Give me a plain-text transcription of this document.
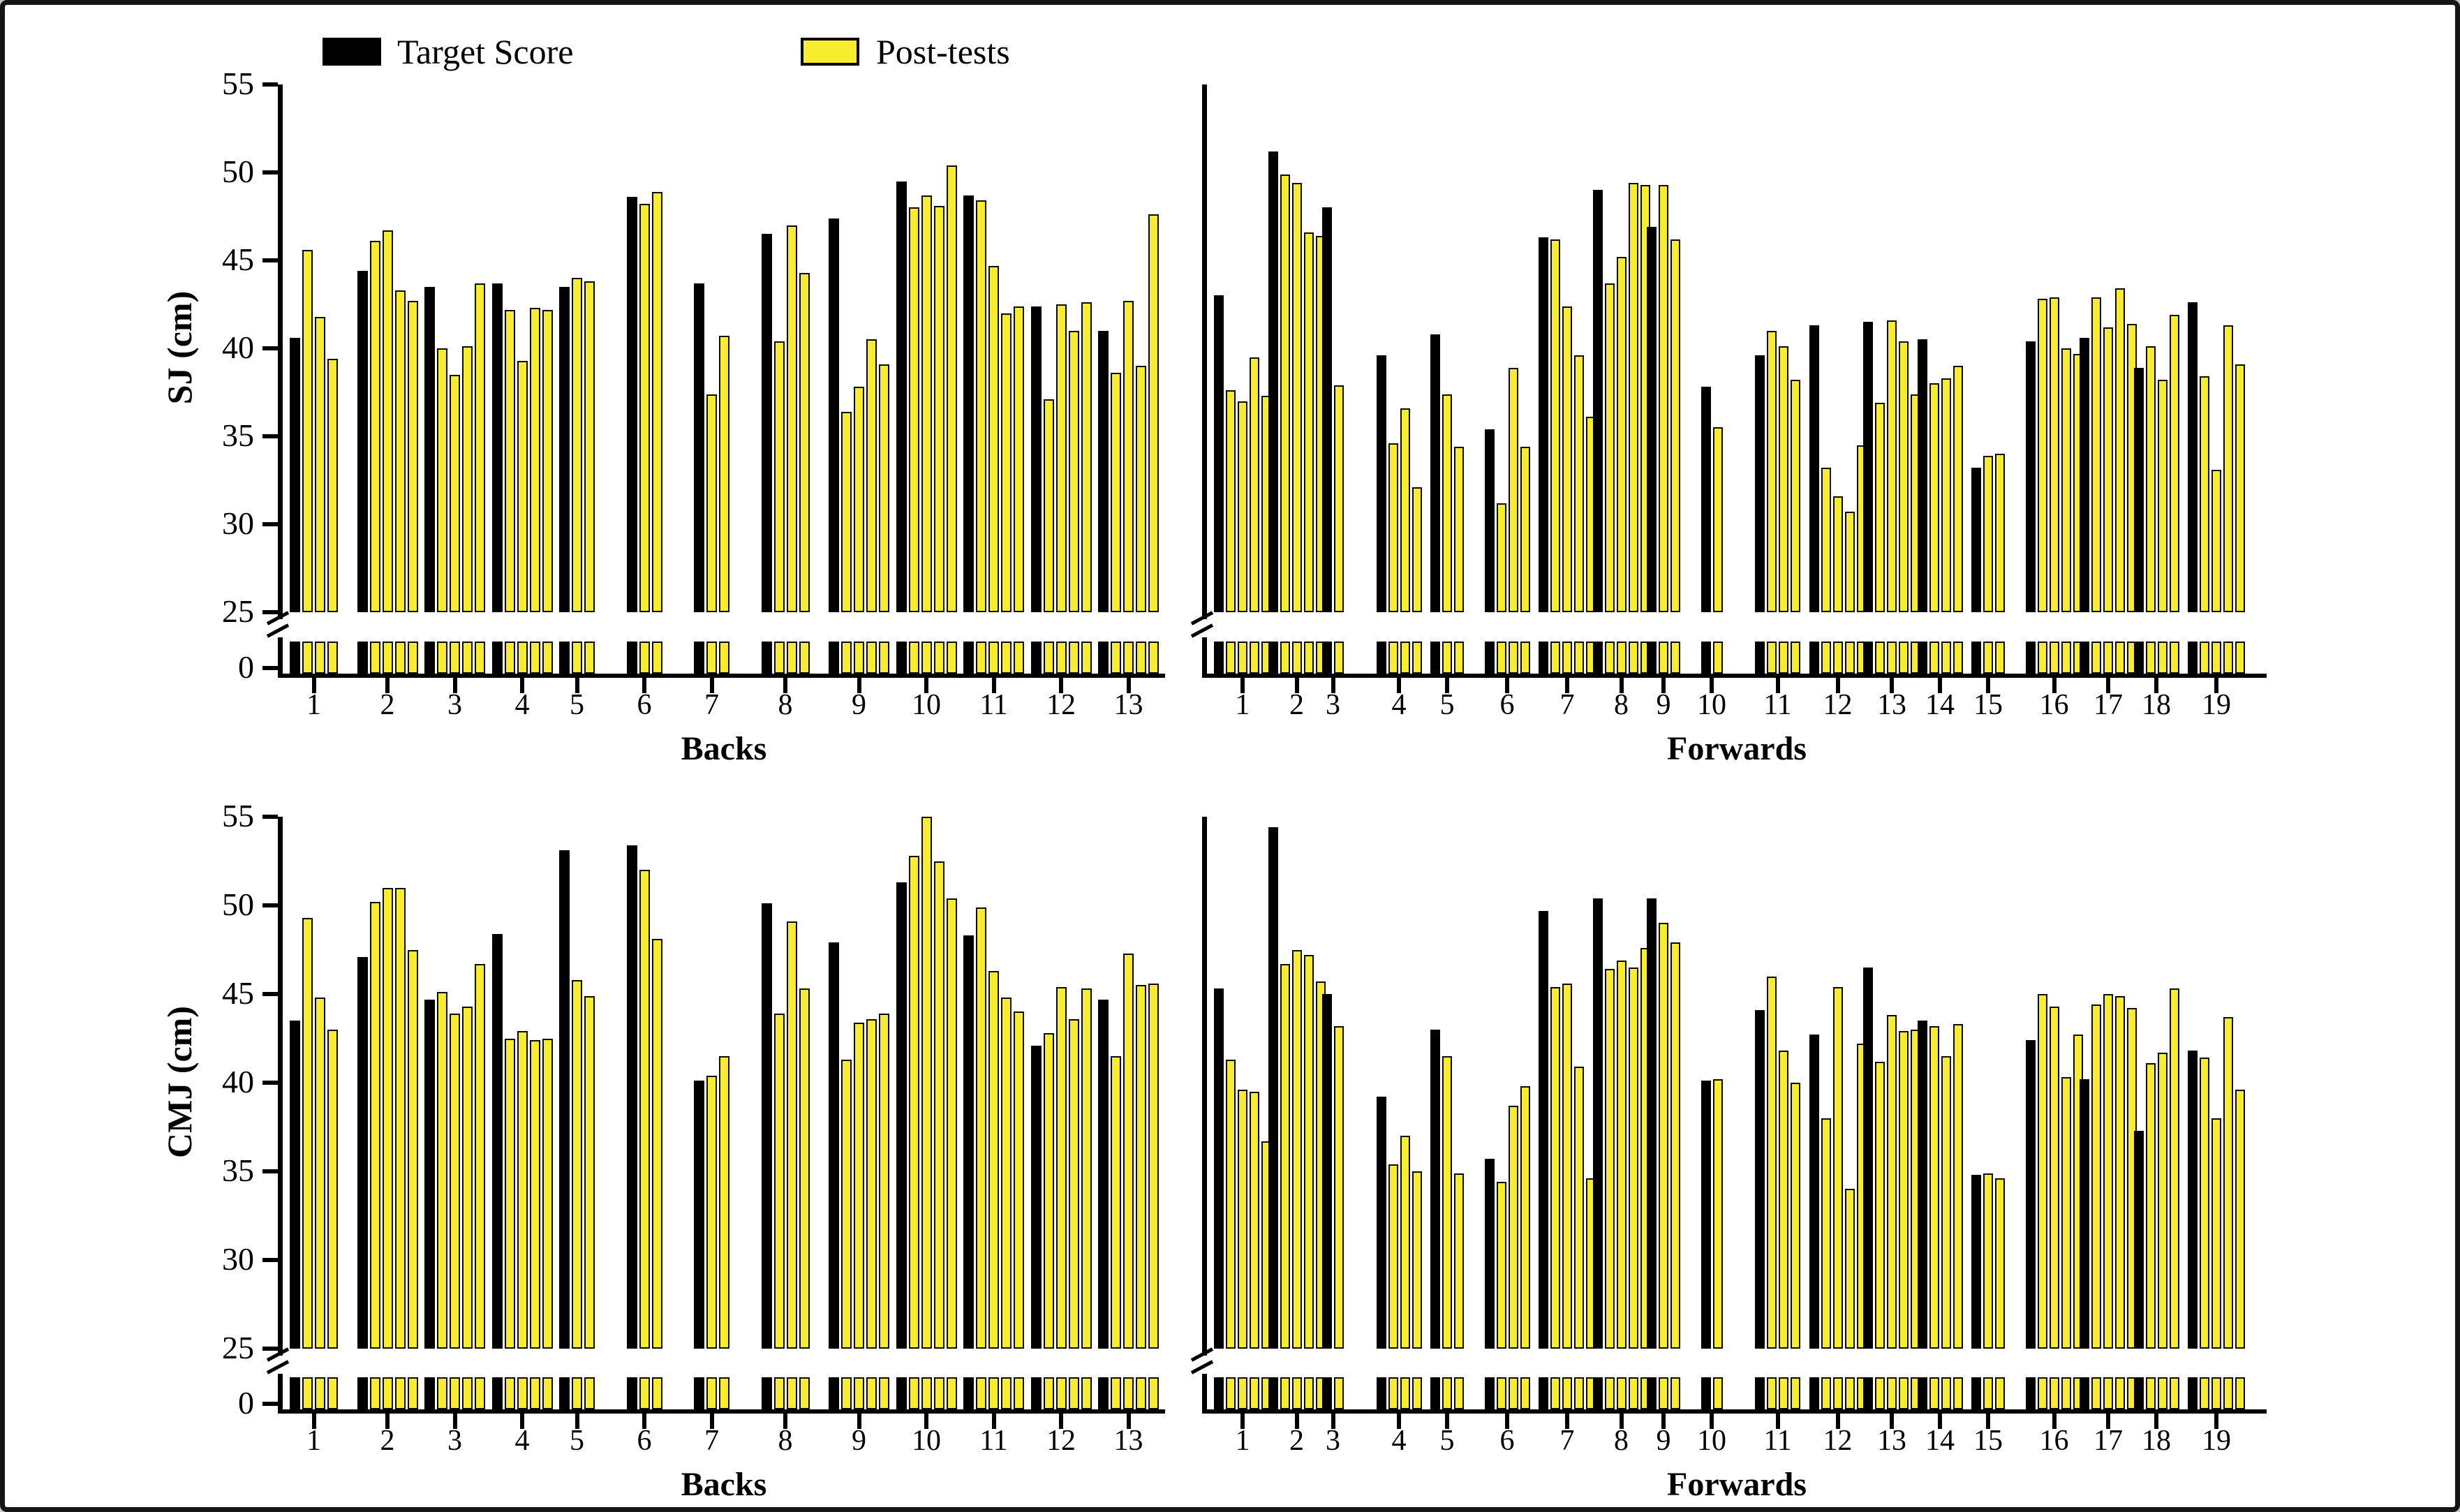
Target Score	Post-tests
55
50
45
40
35
30
25
0
SJ (cm)
1	2	3	4	5	6	7	8	9	10	11	12	13
Backs
1	2 3	4	5	6	7	8 9 10	11	12 13 14 15	16 17 18	19
Forwards
55
50
45
40
35
30
25
0
CMJ (cm)
1	2	3	4	5	6	7	8	9	10	11	12	13
Backs
1	2 3	4	5	6	7	8 9 10	11	12 13 14 15	16 17 18	19
Forwards
